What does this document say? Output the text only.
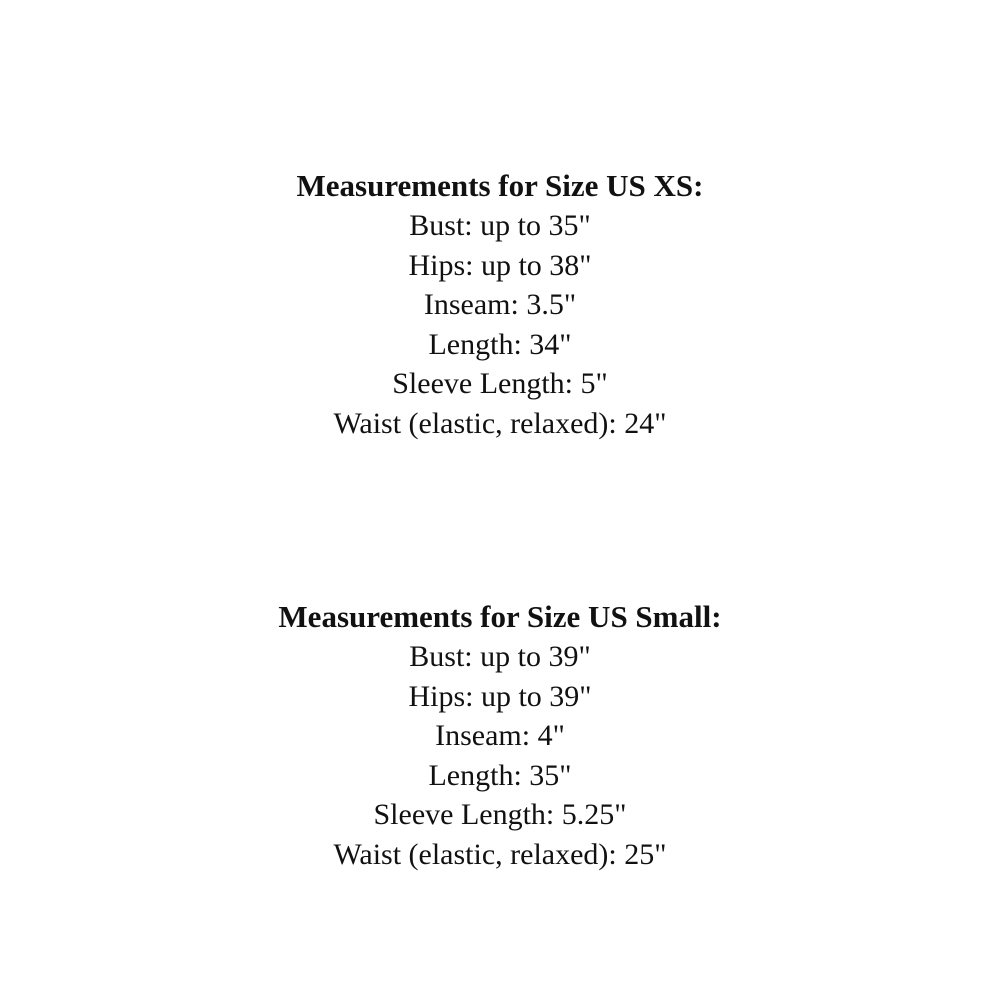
Measurements for Size US XS:
Bust: up to 35"
Hips: up to 38"
Inseam: 3.5"
Length: 34"
Sleeve Length: 5"
Waist (elastic, relaxed): 24"
Measurements for Size US Small:
Bust: up to 39"
Hips: up to 39"
Inseam: 4"
Length: 35"
Sleeve Length: 5.25"
Waist (elastic, relaxed): 25"
